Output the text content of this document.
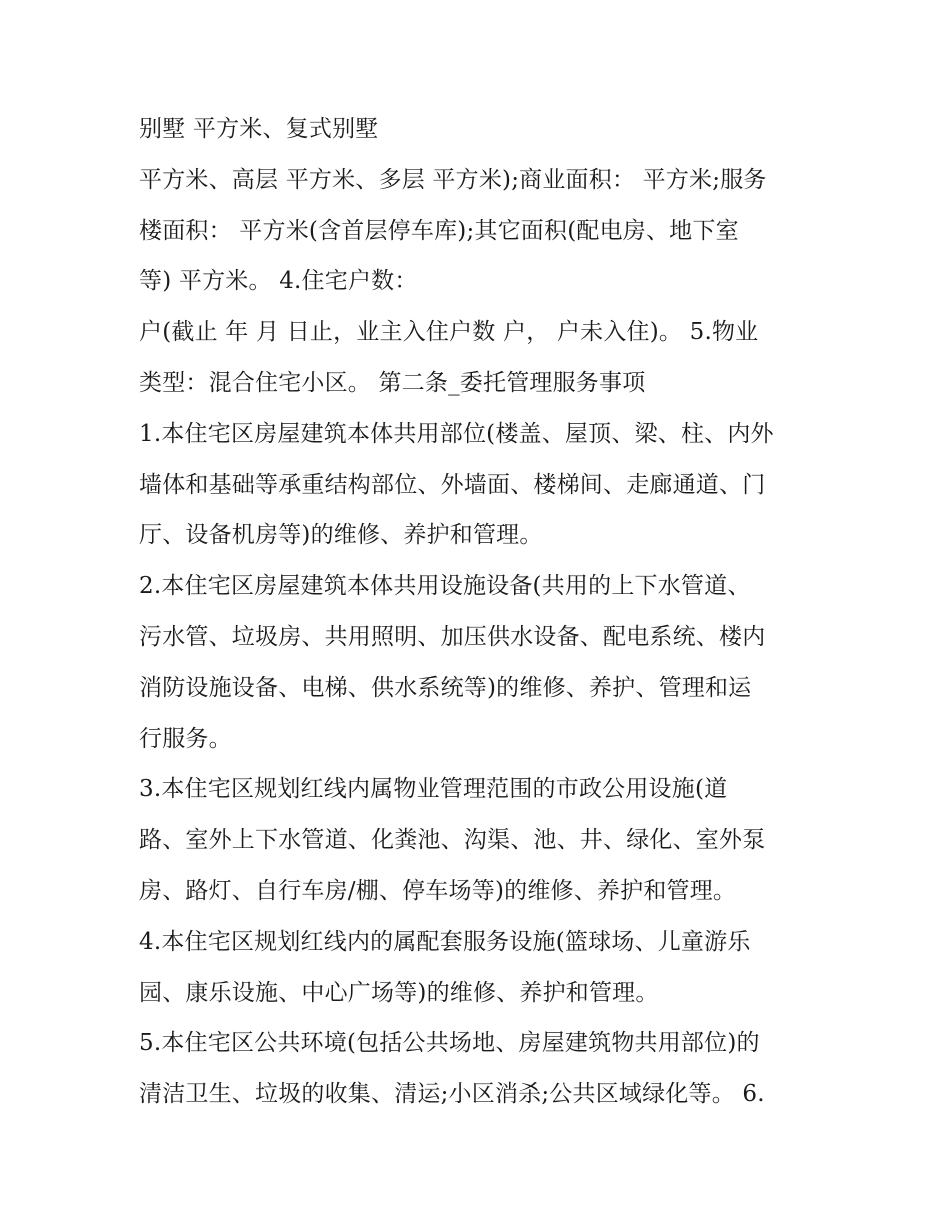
别墅 平方米、复式别墅
平方米、高层 平方米、多层 平方米);商业面积： 平方米;服务
楼面积： 平方米(含首层停车库);其它面积(配电房、地下室
等) 平方米。 4.住宅户数：
户(截止 年 月 日止，业主入住户数 户， 户未入住)。 5.物业
类型：混合住宅小区。 第二条_委托管理服务事项
1.本住宅区房屋建筑本体共用部位(楼盖、屋顶、梁、柱、内外
墙体和基础等承重结构部位、外墙面、楼梯间、走廊通道、门
厅、设备机房等)的维修、养护和管理。
2.本住宅区房屋建筑本体共用设施设备(共用的上下水管道、
污水管、垃圾房、共用照明、加压供水设备、配电系统、楼内
消防设施设备、电梯、供水系统等)的维修、养护、管理和运
行服务。
3.本住宅区规划红线内属物业管理范围的市政公用设施(道
路、室外上下水管道、化粪池、沟渠、池、井、绿化、室外泵
房、路灯、自行车房/棚、停车场等)的维修、养护和管理。
4.本住宅区规划红线内的属配套服务设施(篮球场、儿童游乐
园、康乐设施、中心广场等)的维修、养护和管理。
5.本住宅区公共环境(包括公共场地、房屋建筑物共用部位)的
清洁卫生、垃圾的收集、清运;小区消杀;公共区域绿化等。 6.
